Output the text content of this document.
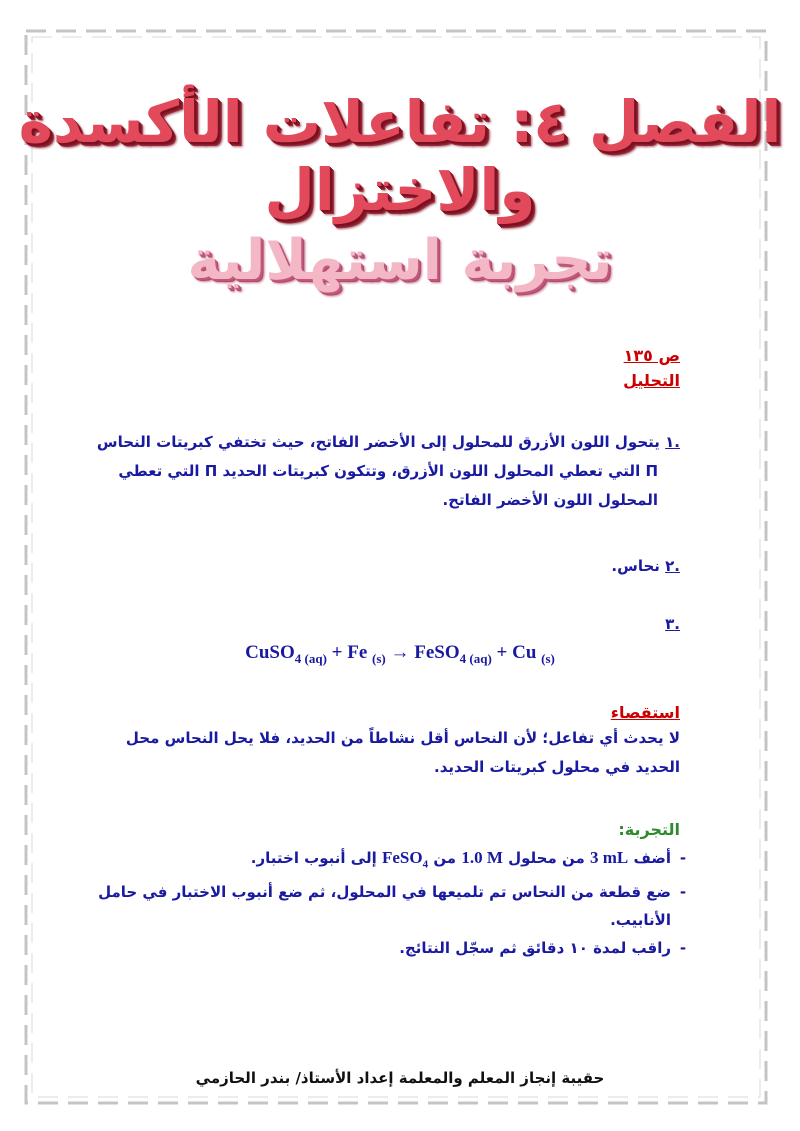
الفصل ٤: تفاعلات الأكسدة والاختزال
تجربة استهلالية
ص ١٣٥
التحليل
.١ يتحول اللون الأزرق للمحلول إلى الأخضر الفاتح، حيث تختفي كبريتات النحاس
П التي تعطي المحلول اللون الأزرق، وتتكون كبريتات الحديد П التي تعطي
المحلول اللون الأخضر الفاتح.
.٢ نحاس.
.٣
CuSO$_{4 (aq)}$ + Fe $_{(s)}$ → FeSO$_{4 (aq)}$ + Cu $_{(s)}$
استقصاء
لا يحدث أي تفاعل؛ لأن النحاس أقل نشاطاً من الحديد، فلا يحل النحاس محل
الحديد في محلول كبريتات الحديد.
التجربة:
-أضف 3 mL من محلول 1.0 M من FeSO$_4$ إلى أنبوب اختبار.
-ضع قطعة من النحاس تم تلميعها في المحلول، ثم ضع أنبوب الاختبار في حامل
الأنابيب.
-راقب لمدة ١٠ دقائق ثم سجّل النتائج.
حقيبة إنجاز المعلم والمعلمة إعداد الأستاذ/ بندر الحازمي
